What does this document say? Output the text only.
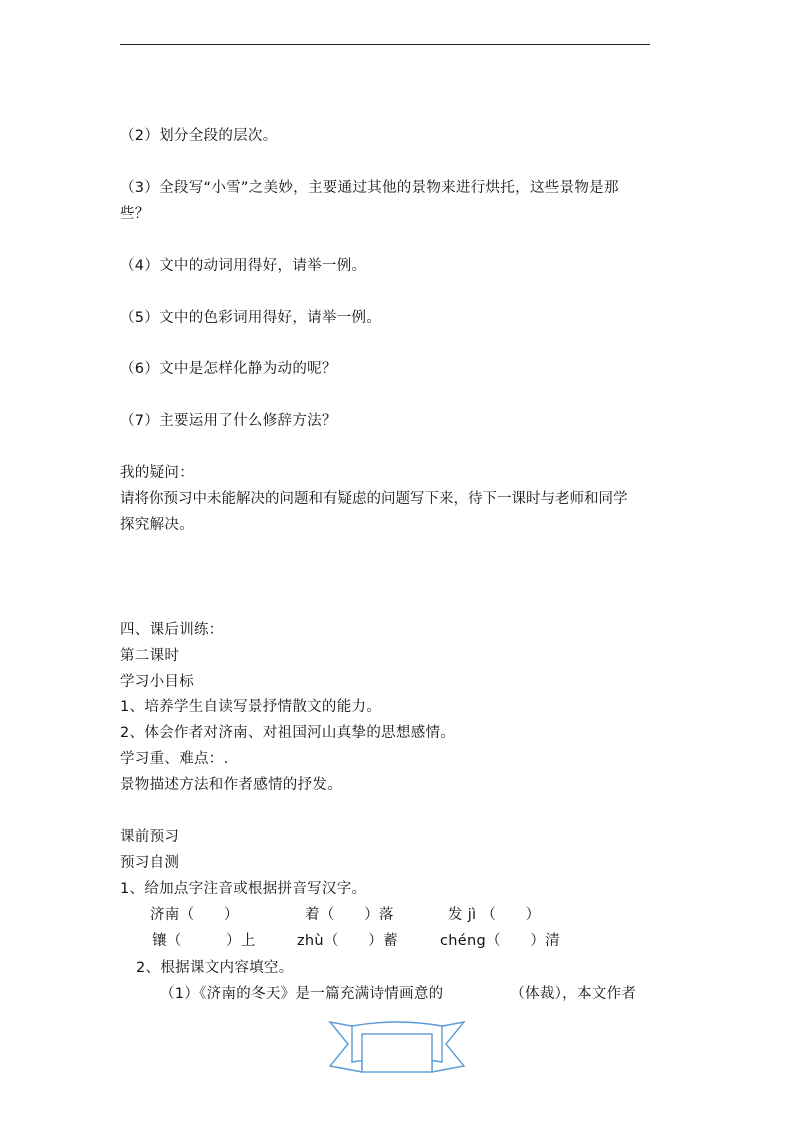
（2）划分全段的层次。
（3）全段写“小雪”之美妙，主要通过其他的景物来进行烘托，这些景物是那
些？
（4）文中的动词用得好，请举一例。
（5）文中的色彩词用得好，请举一例。
（6）文中是怎样化静为动的呢？
（7）主要运用了什么修辞方法？
我的疑问：
请将你预习中未能解决的问题和有疑虑的问题写下来，待下一课时与老师和同学
探究解决。
四、课后训练：
第二课时
学习小目标
1、培养学生自读写景抒情散文的能力。
2、体会作者对济南、对祖国河山真挚的思想感情。
学习重、难点：.
景物描述方法和作者感情的抒发。
课前预习
预习自测
1、给加点字注音或根据拼音写汉字。
济南（　　）	着（　　）落	发 jì （　　）
镶（　　　）上	zhù（　　）蓄	chéng（　　）清
2、根据课文内容填空。
（1）《济南的冬天》是一篇充满诗情画意的　　　　　（体裁），本文作者
